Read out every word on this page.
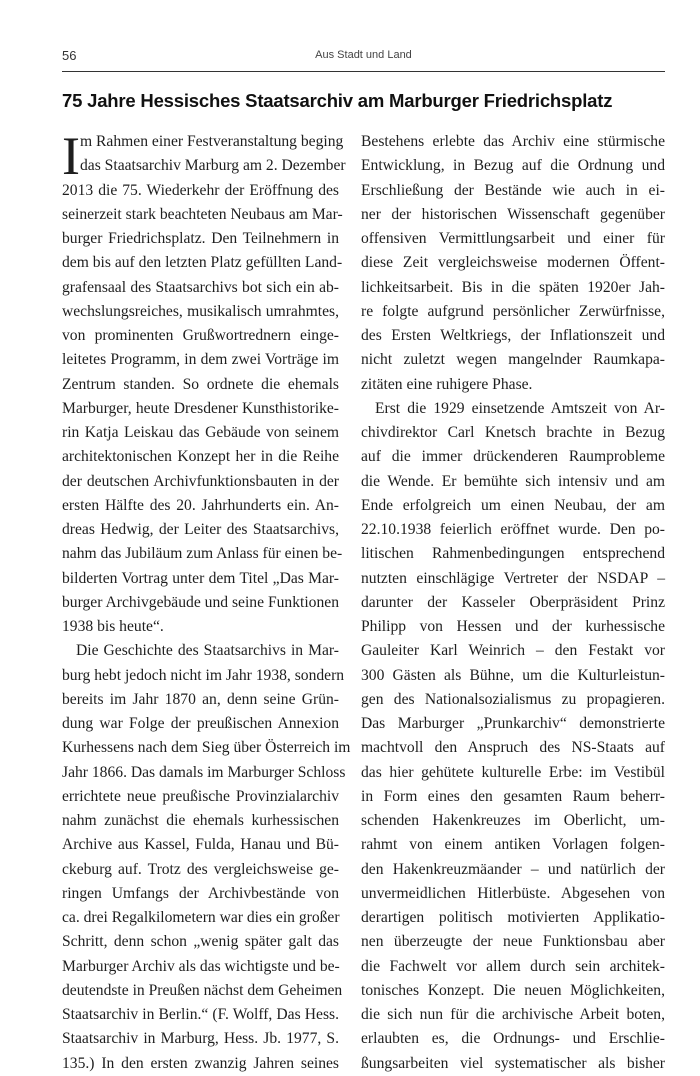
56	Aus Stadt und Land
75 Jahre Hessisches Staatsarchiv am Marburger Friedrichsplatz
I m Rahmen einer Festveranstaltung beging
das Staatsarchiv Marburg am 2. Dezember
2013 die 75. Wiederkehr der Eröffnung des
seinerzeit stark beachteten Neubaus am Mar-
burger Friedrichsplatz. Den Teilnehmern in
dem bis auf den letzten Platz gefüllten Land-
grafensaal des Staatsarchivs bot sich ein ab-
wechslungsreiches, musikalisch umrahmtes,
von prominenten Grußwortrednern einge-
leitetes Programm, in dem zwei Vorträge im
Zentrum standen. So ordnete die ehemals
Marburger, heute Dresdener Kunsthistorike-
rin Katja Leiskau das Gebäude von seinem
architektonischen Konzept her in die Reihe
der deutschen Archivfunktionsbauten in der
ersten Hälfte des 20. Jahrhunderts ein. An-
dreas Hedwig, der Leiter des Staatsarchivs,
nahm das Jubiläum zum Anlass für einen be-
bilderten Vortrag unter dem Titel „Das Mar-
burger Archivgebäude und seine Funktionen
1938 bis heute“.
Die Geschichte des Staatsarchivs in Mar-
burg hebt jedoch nicht im Jahr 1938, sondern
bereits im Jahr 1870 an, denn seine Grün-
dung war Folge der preußischen Annexion
Kurhessens nach dem Sieg über Österreich im
Jahr 1866. Das damals im Marburger Schloss
errichtete neue preußische Provinzialarchiv
nahm zunächst die ehemals kurhessischen
Archive aus Kassel, Fulda, Hanau und Bü-
ckeburg auf. Trotz des vergleichsweise ge-
ringen Umfangs der Archivbestände von
ca. drei Regalkilometern war dies ein großer
Schritt, denn schon „wenig später galt das
Marburger Archiv als das wichtigste und be-
deutendste in Preußen nächst dem Geheimen
Staatsarchiv in Berlin.“ (F. Wolff, Das Hess.
Staatsarchiv in Marburg, Hess. Jb. 1977, S.
135.) In den ersten zwanzig Jahren seines
Bestehens erlebte das Archiv eine stürmische
Entwicklung, in Bezug auf die Ordnung und
Erschließung der Bestände wie auch in ei-
ner der historischen Wissenschaft gegenüber
offensiven Vermittlungsarbeit und einer für
diese Zeit vergleichsweise modernen Öffent-
lichkeitsarbeit. Bis in die späten 1920er Jah-
re folgte aufgrund persönlicher Zerwürfnisse,
des Ersten Weltkriegs, der Inflationszeit und
nicht zuletzt wegen mangelnder Raumkapa-
zitäten eine ruhigere Phase.
Erst die 1929 einsetzende Amtszeit von Ar-
chivdirektor Carl Knetsch brachte in Bezug
auf die immer drückenderen Raumprobleme
die Wende. Er bemühte sich intensiv und am
Ende erfolgreich um einen Neubau, der am
22.10.1938 feierlich eröffnet wurde. Den po-
litischen Rahmenbedingungen entsprechend
nutzten einschlägige Vertreter der NSDAP –
darunter der Kasseler Oberpräsident Prinz
Philipp von Hessen und der kurhessische
Gauleiter Karl Weinrich – den Festakt vor
300 Gästen als Bühne, um die Kulturleistun-
gen des Nationalsozialismus zu propagieren.
Das Marburger „Prunkarchiv“ demonstrierte
machtvoll den Anspruch des NS-Staats auf
das hier gehütete kulturelle Erbe: im Vestibül
in Form eines den gesamten Raum beherr-
schenden Hakenkreuzes im Oberlicht, um-
rahmt von einem antiken Vorlagen folgen-
den Hakenkreuzmäander – und natürlich der
unvermeidlichen Hitlerbüste. Abgesehen von
derartigen politisch motivierten Applikatio-
nen überzeugte der neue Funktionsbau aber
die Fachwelt vor allem durch sein architek-
tonisches Konzept. Die neuen Möglichkeiten,
die sich nun für die archivische Arbeit boten,
erlaubten es, die Ordnungs- und Erschlie-
ßungsarbeiten viel systematischer als bisher
